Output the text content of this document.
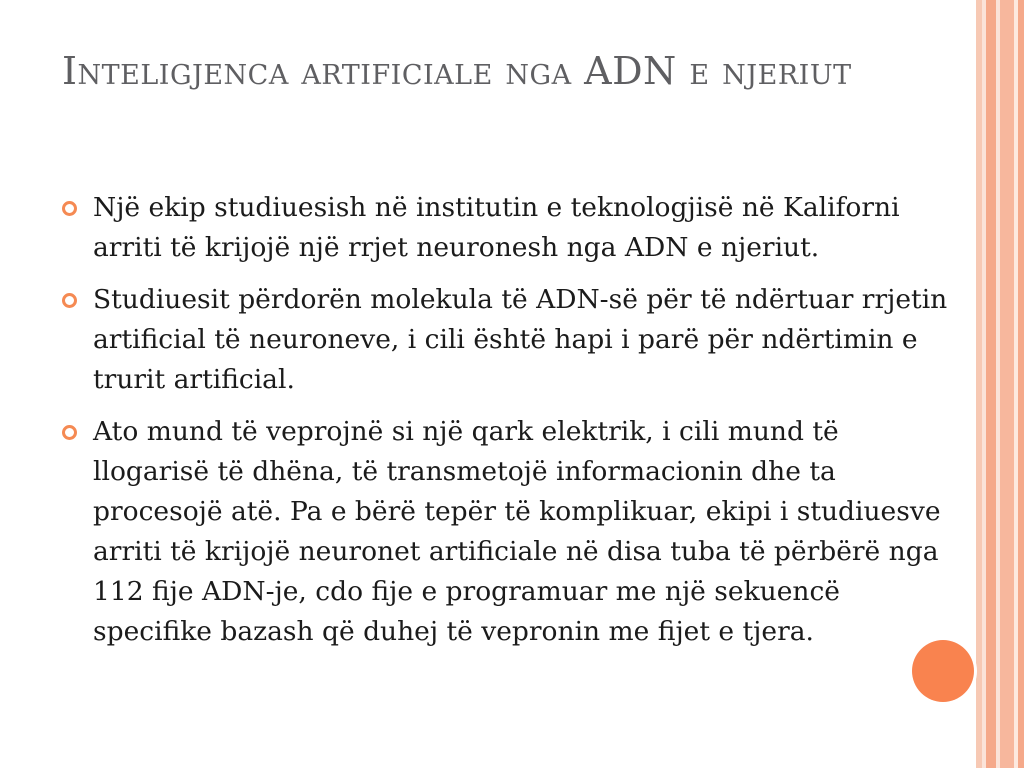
Inteligjenca artificiale nga ADN e njeriut
Një ekip studiuesish në institutin e teknologjisë në Kaliforni arriti të krijojë një rrjet neuronesh nga ADN e njeriut.
Studiuesit përdorën molekula të ADN-së për të ndërtuar rrjetin artificial të neuroneve, i cili është hapi i parë për ndërtimin e trurit artificial.
Ato mund të veprojnë si një qark elektrik, i cili mund të llogarisë të dhëna, të transmetojë informacionin dhe ta procesojë atë. Pa e bërë tepër të komplikuar, ekipi i studiuesve arriti të krijojë neuronet artificiale në disa tuba të përbërë nga 112 fije ADN-je, cdo fije e programuar me një sekuencë specifike bazash që duhej të vepronin me fijet e tjera.
